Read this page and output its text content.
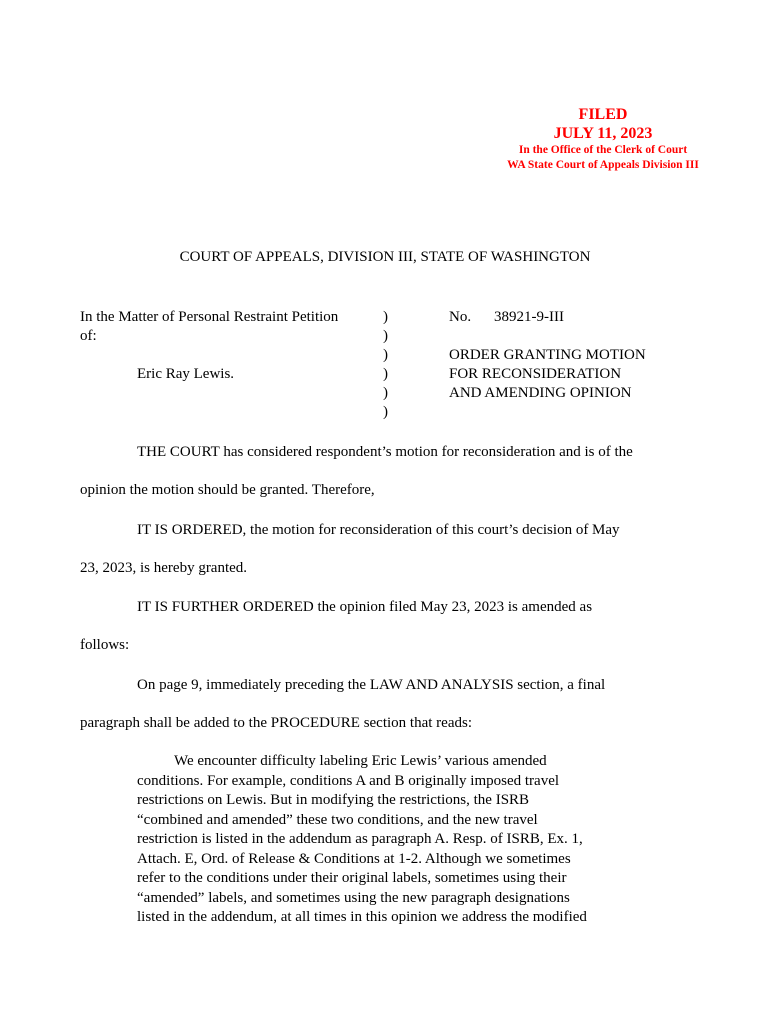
FILED
JULY 11, 2023
In the Office of the Clerk of Court
WA State Court of Appeals Division III
COURT OF APPEALS, DIVISION III, STATE OF WASHINGTON
In the Matter of Personal Restraint Petition
of:
Eric Ray Lewis.
)
)
)
)
)
)
No.	38921-9-III
ORDER GRANTING MOTION
FOR RECONSIDERATION
AND AMENDING OPINION
THE COURT has considered respondent’s motion for reconsideration and is of the
opinion the motion should be granted. Therefore,
IT IS ORDERED, the motion for reconsideration of this court’s decision of May
23, 2023, is hereby granted.
IT IS FURTHER ORDERED the opinion filed May 23, 2023 is amended as
follows:
On page 9, immediately preceding the LAW AND ANALYSIS section, a final
paragraph shall be added to the PROCEDURE section that reads:
We encounter difficulty labeling Eric Lewis’ various amended
conditions. For example, conditions A and B originally imposed travel
restrictions on Lewis. But in modifying the restrictions, the ISRB
“combined and amended” these two conditions, and the new travel
restriction is listed in the addendum as paragraph A. Resp. of ISRB, Ex. 1,
Attach. E, Ord. of Release & Conditions at 1-2. Although we sometimes
refer to the conditions under their original labels, sometimes using their
“amended” labels, and sometimes using the new paragraph designations
listed in the addendum, at all times in this opinion we address the modified
